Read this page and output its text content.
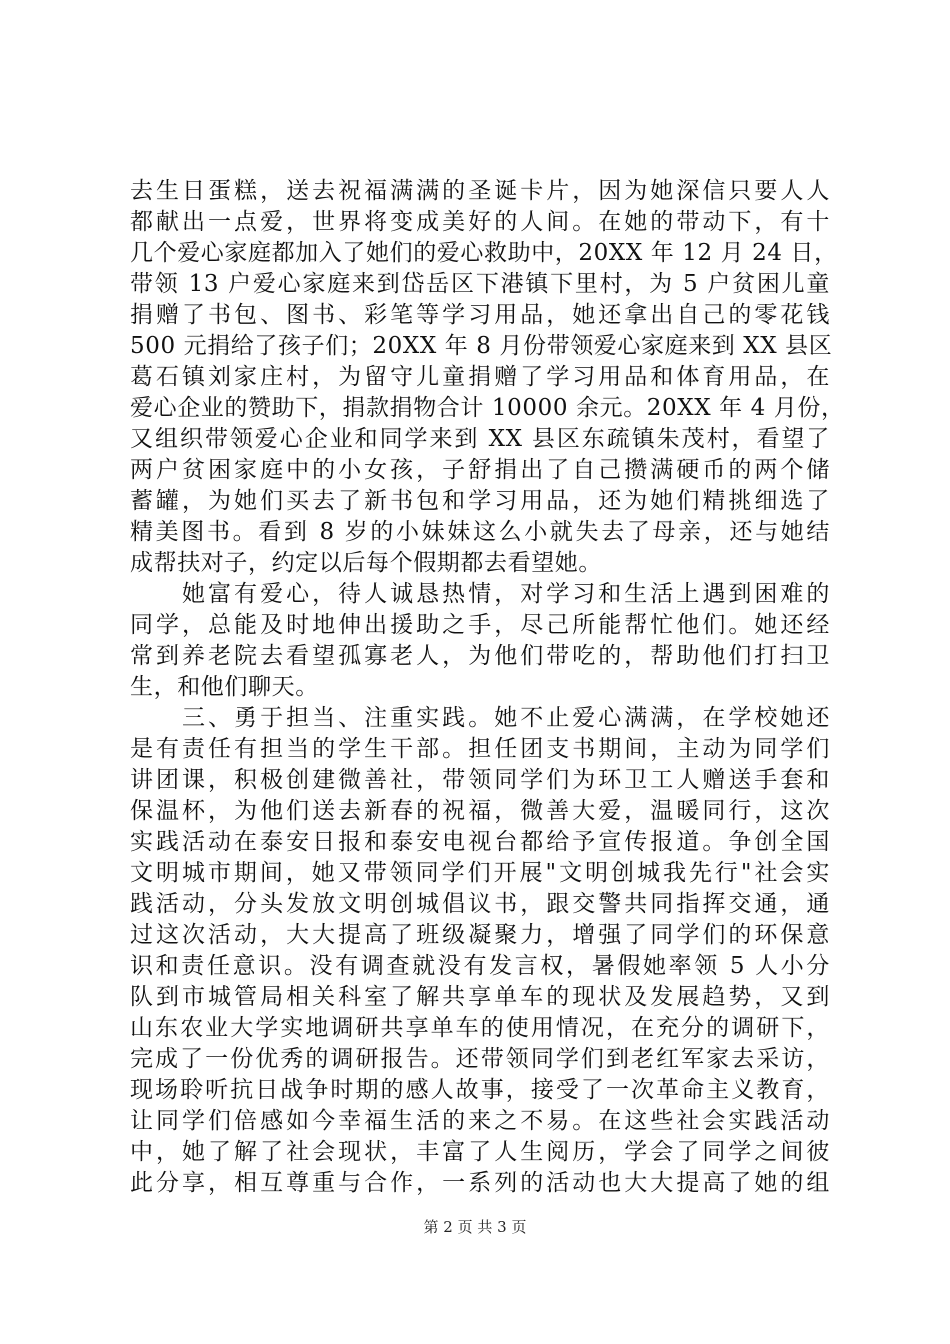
去生日蛋糕，送去祝福满满的圣诞卡片，因为她深信只要人人
都献出一点爱，世界将变成美好的人间。在她的带动下，有十
几个爱心家庭都加入了她们的爱心救助中，20XX 年 12 月 24 日，
带领 13 户爱心家庭来到岱岳区下港镇下里村，为 5 户贫困儿童
捐赠了书包、图书、彩笔等学习用品，她还拿出自己的零花钱
500 元捐给了孩子们；20XX 年 8 月份带领爱心家庭来到 XX 县区
葛石镇刘家庄村，为留守儿童捐赠了学习用品和体育用品，在
爱心企业的赞助下，捐款捐物合计 10000 余元。20XX 年 4 月份，
又组织带领爱心企业和同学来到 XX 县区东疏镇朱茂村，看望了
两户贫困家庭中的小女孩，子舒捐出了自己攒满硬币的两个储
蓄罐，为她们买去了新书包和学习用品，还为她们精挑细选了
精美图书。看到 8 岁的小妹妹这么小就失去了母亲，还与她结
成帮扶对子，约定以后每个假期都去看望她。
　　她富有爱心，待人诚恳热情，对学习和生活上遇到困难的
同学，总能及时地伸出援助之手，尽己所能帮忙他们。她还经
常到养老院去看望孤寡老人，为他们带吃的，帮助他们打扫卫
生，和他们聊天。
　　三、勇于担当、注重实践。她不止爱心满满，在学校她还
是有责任有担当的学生干部。担任团支书期间，主动为同学们
讲团课，积极创建微善社，带领同学们为环卫工人赠送手套和
保温杯，为他们送去新春的祝福，微善大爱，温暖同行，这次
实践活动在泰安日报和泰安电视台都给予宣传报道。争创全国
文明城市期间，她又带领同学们开展"文明创城我先行"社会实
践活动，分头发放文明创城倡议书，跟交警共同指挥交通，通
过这次活动，大大提高了班级凝聚力，增强了同学们的环保意
识和责任意识。没有调查就没有发言权，暑假她率领 5 人小分
队到市城管局相关科室了解共享单车的现状及发展趋势，又到
山东农业大学实地调研共享单车的使用情况，在充分的调研下，
完成了一份优秀的调研报告。还带领同学们到老红军家去采访，
现场聆听抗日战争时期的感人故事，接受了一次革命主义教育，
让同学们倍感如今幸福生活的来之不易。在这些社会实践活动
中，她了解了社会现状，丰富了人生阅历，学会了同学之间彼
此分享，相互尊重与合作，一系列的活动也大大提高了她的组
第 2 页 共 3 页
